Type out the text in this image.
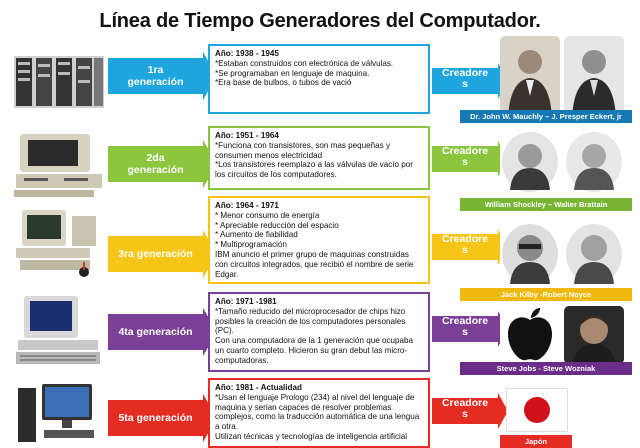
Línea de Tiempo Generadores del Computador.
1ra generación
Año: 1938 - 1945
*Estaban construidos con electrónica de válvulas.
*Se programaban en lenguaje de maquina.
*Era base de bulbos, o tubos de vació
Creadores
Dr. John W. Mauchly – J. Presper Eckert, jr
2da generación
Año: 1951 - 1964
*Funciona con transistores, son mas pequeñas y consumen menos electricidad
*Los transistores reemplazo a las válvulas de vacío por los circuitos de los computadores.
Creadores
William Shockley – Walter Brattain
3ra generación
Año: 1964 - 1971
* Menor consumo de energía
* Apreciable reducción del espacio
* Aumento de fiabilidad
* Multiprogramación
IBM anuncio el primer grupo de maquinas construidas con circuitos integrados, que recibió el nombre de serie Edgar.
Creadores
Jack Kilby -Robert Noyce
4ta generación
Año: 1971 -1981
*Tamaño reducido del microprocesador de chips hizo posibles la creación de los computadores personales (PC).
Con una computadora de la 1 generación que ocupaba un cuarto completo. Hicieron su gran debut las micro-computadoras.
Creadores
Steve Jobs - Steve Wozniak
5ta generación
Año: 1981 - Actualidad
*Usan el lenguaje Prologo (234) al nivel del lenguaje de maquina y serian capaces de resolver problemas complejos, como la traducción automática de una lengua a otra.
Utilizan técnicas y tecnologías de inteligencia artificial
Creadores
Japón
